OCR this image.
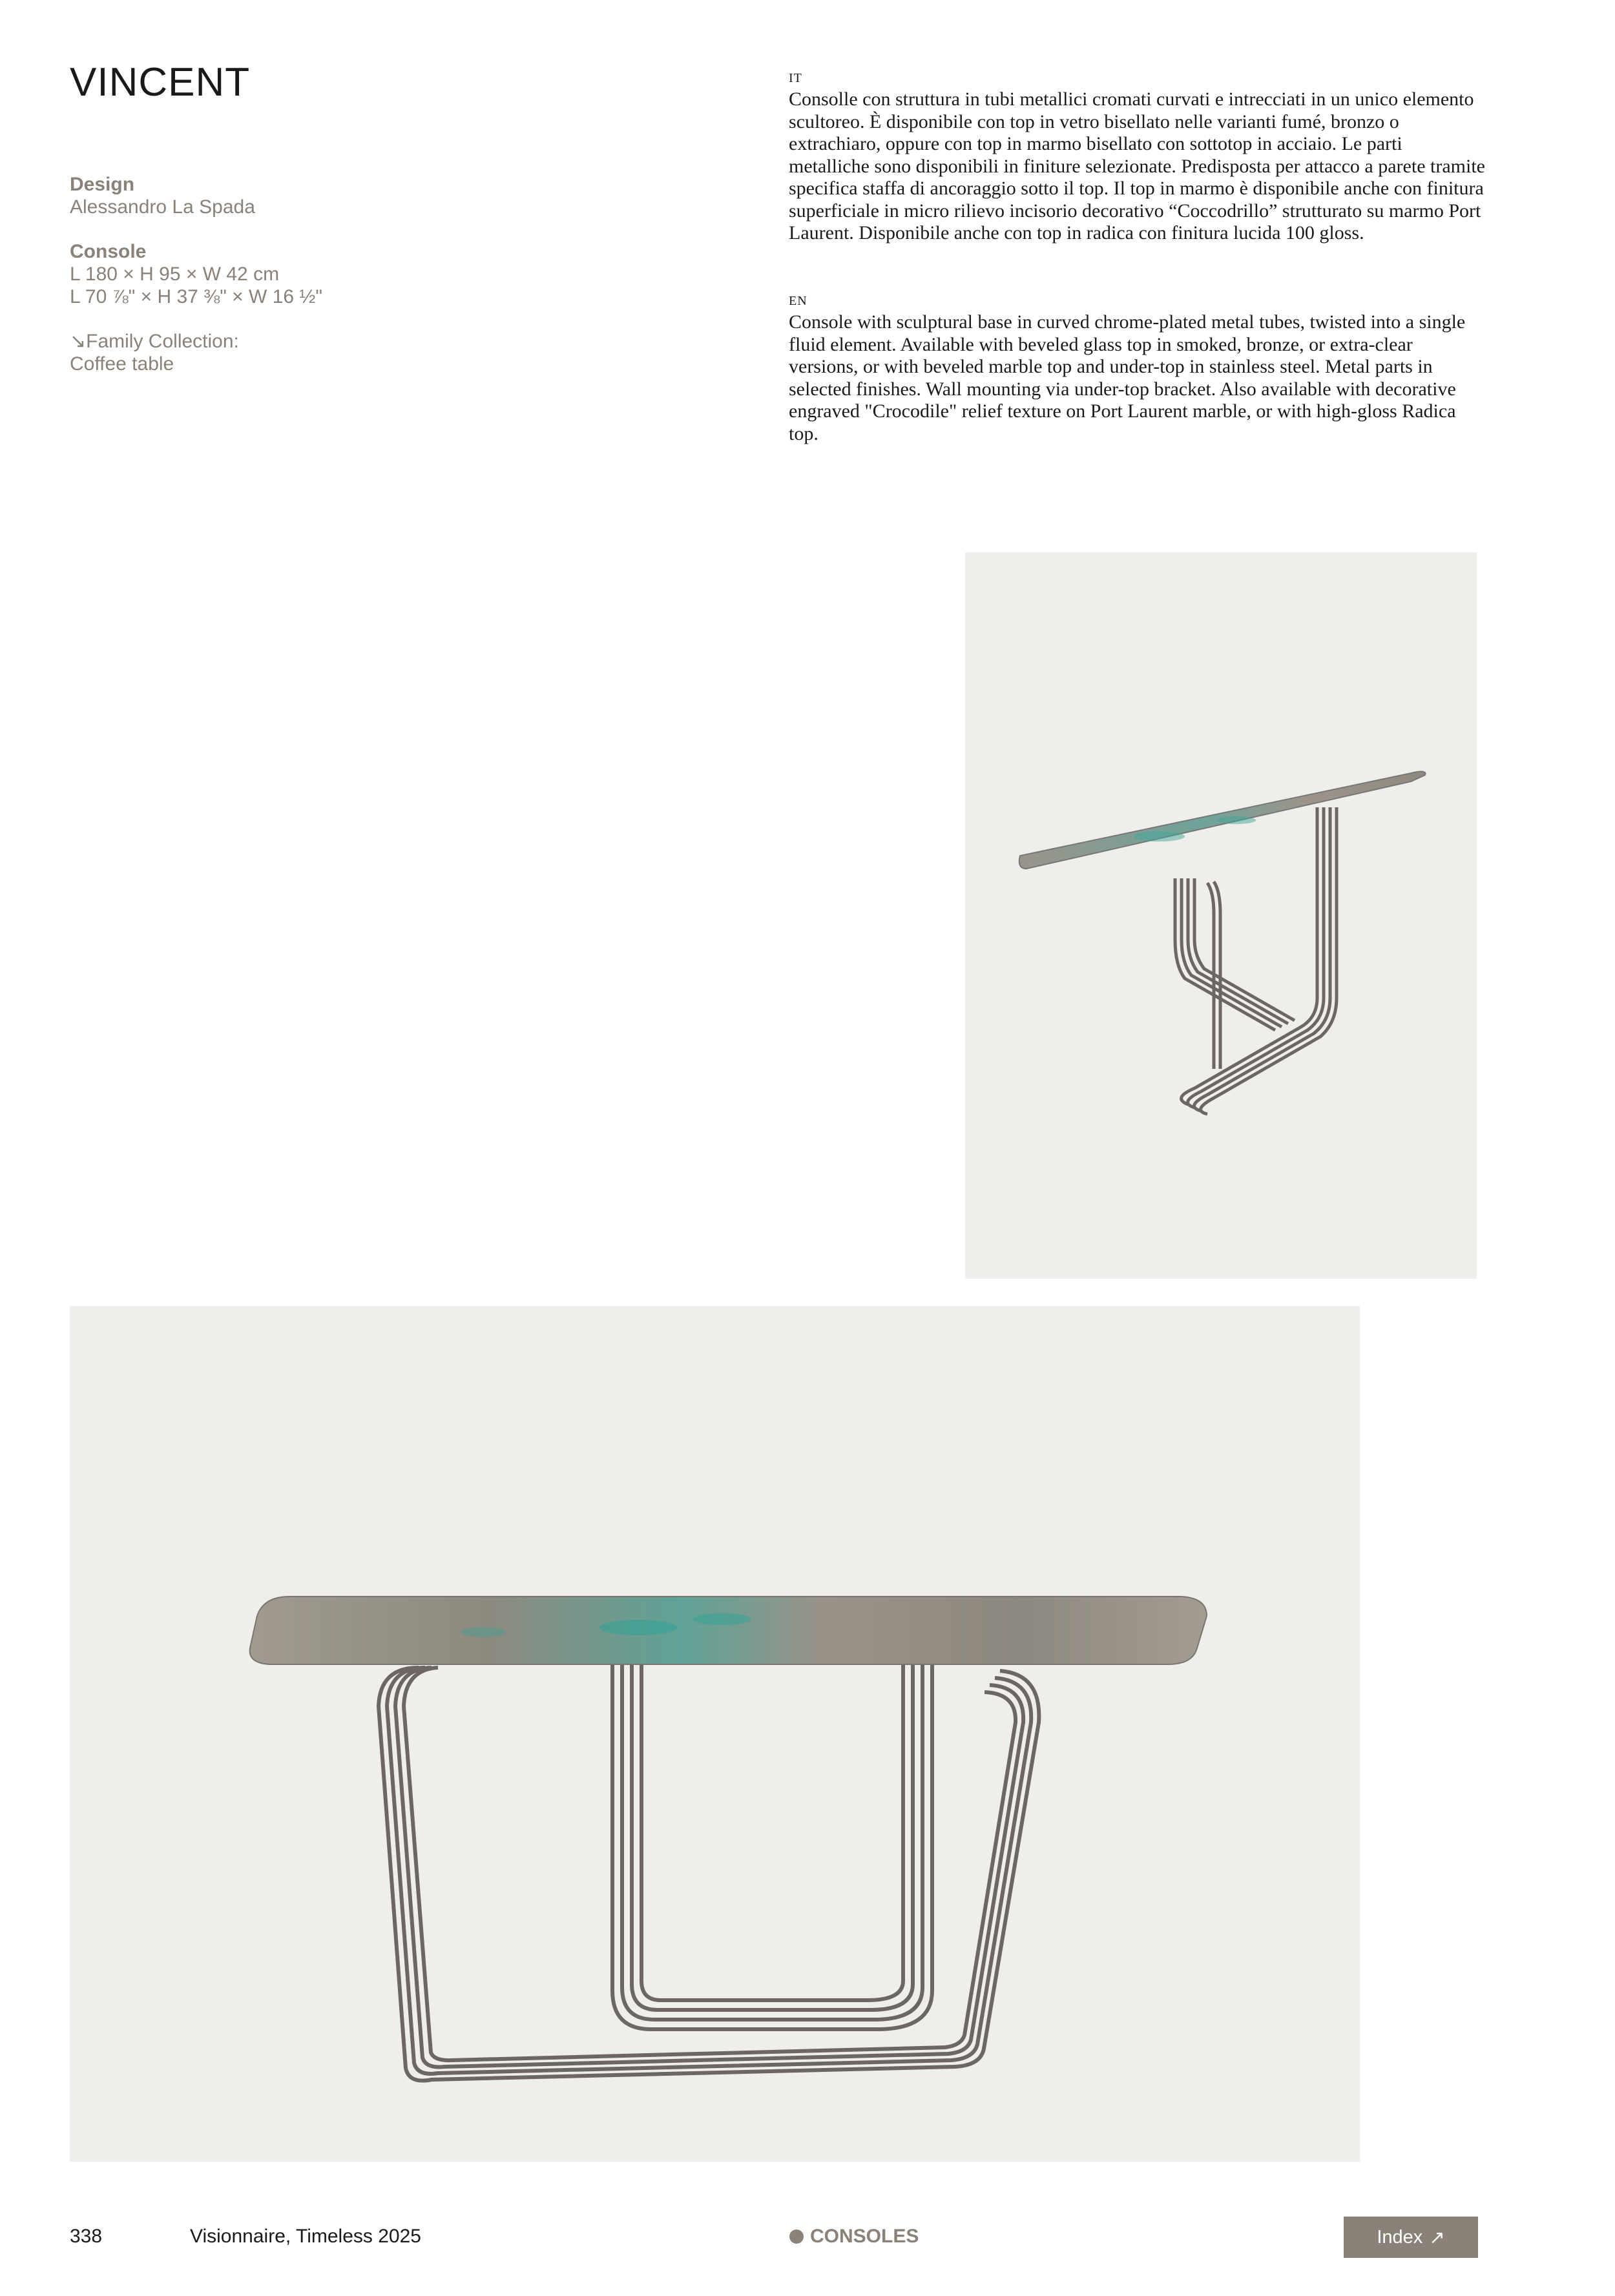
VINCENT
Design
Alessandro La Spada
Console
L 180 × H 95 × W 42 cm
L 70 ⅞" × H 37 ⅜" × W 16 ½"
↘Family Collection:
Coffee table
IT
Consolle con struttura in tubi metallici cromati curvati e intrecciati in un unico elemento scultoreo. È disponibile con top in vetro bisellato nelle varianti fumé, bronzo o extrachiaro, oppure con top in marmo bisellato con sottotop in acciaio. Le parti metalliche sono disponibili in finiture selezionate. Predisposta per attacco a parete tramite specifica staffa di ancoraggio sotto il top. Il top in marmo è disponibile anche con finitura superficiale in micro rilievo incisorio decorativo “Coccodrillo” strutturato su marmo Port Laurent. Disponibile anche con top in radica con finitura lucida 100 gloss.
EN
Console with sculptural base in curved chrome-plated metal tubes, twisted into a single fluid element. Available with beveled glass top in smoked, bronze, or extra-clear versions, or with beveled marble top and under-top in stainless steel. Metal parts in selected finishes. Wall mounting via under-top bracket. Also available with decorative engraved "Crocodile" relief texture on Port Laurent marble, or with high-gloss Radica top.
338	Visionnaire, Timeless 2025	CONSOLES	Index ↗
